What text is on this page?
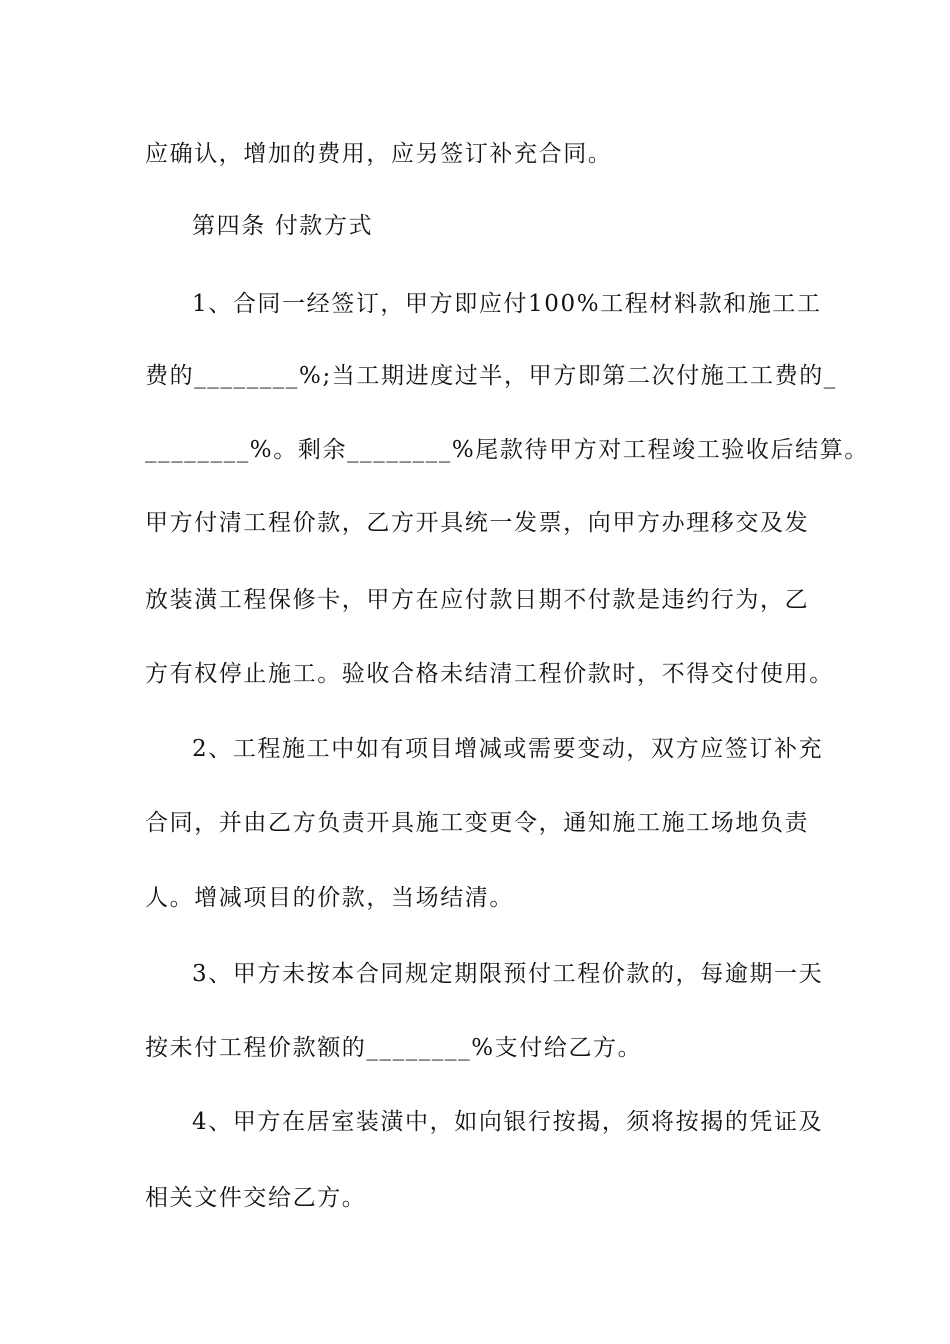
应确认，增加的费用，应另签订补充合同。
第四条 付款方式
1、合同一经签订，甲方即应付100%工程材料款和施工工
费的________%;当工期进度过半，甲方即第二次付施工工费的_
________%。剩余________%尾款待甲方对工程竣工验收后结算。
甲方付清工程价款，乙方开具统一发票，向甲方办理移交及发
放装潢工程保修卡，甲方在应付款日期不付款是违约行为，乙
方有权停止施工。验收合格未结清工程价款时，不得交付使用。
2、工程施工中如有项目增减或需要变动，双方应签订补充
合同，并由乙方负责开具施工变更令，通知施工施工场地负责
人。增减项目的价款，当场结清。
3、甲方未按本合同规定期限预付工程价款的，每逾期一天
按未付工程价款额的________%支付给乙方。
4、甲方在居室装潢中，如向银行按揭，须将按揭的凭证及
相关文件交给乙方。
